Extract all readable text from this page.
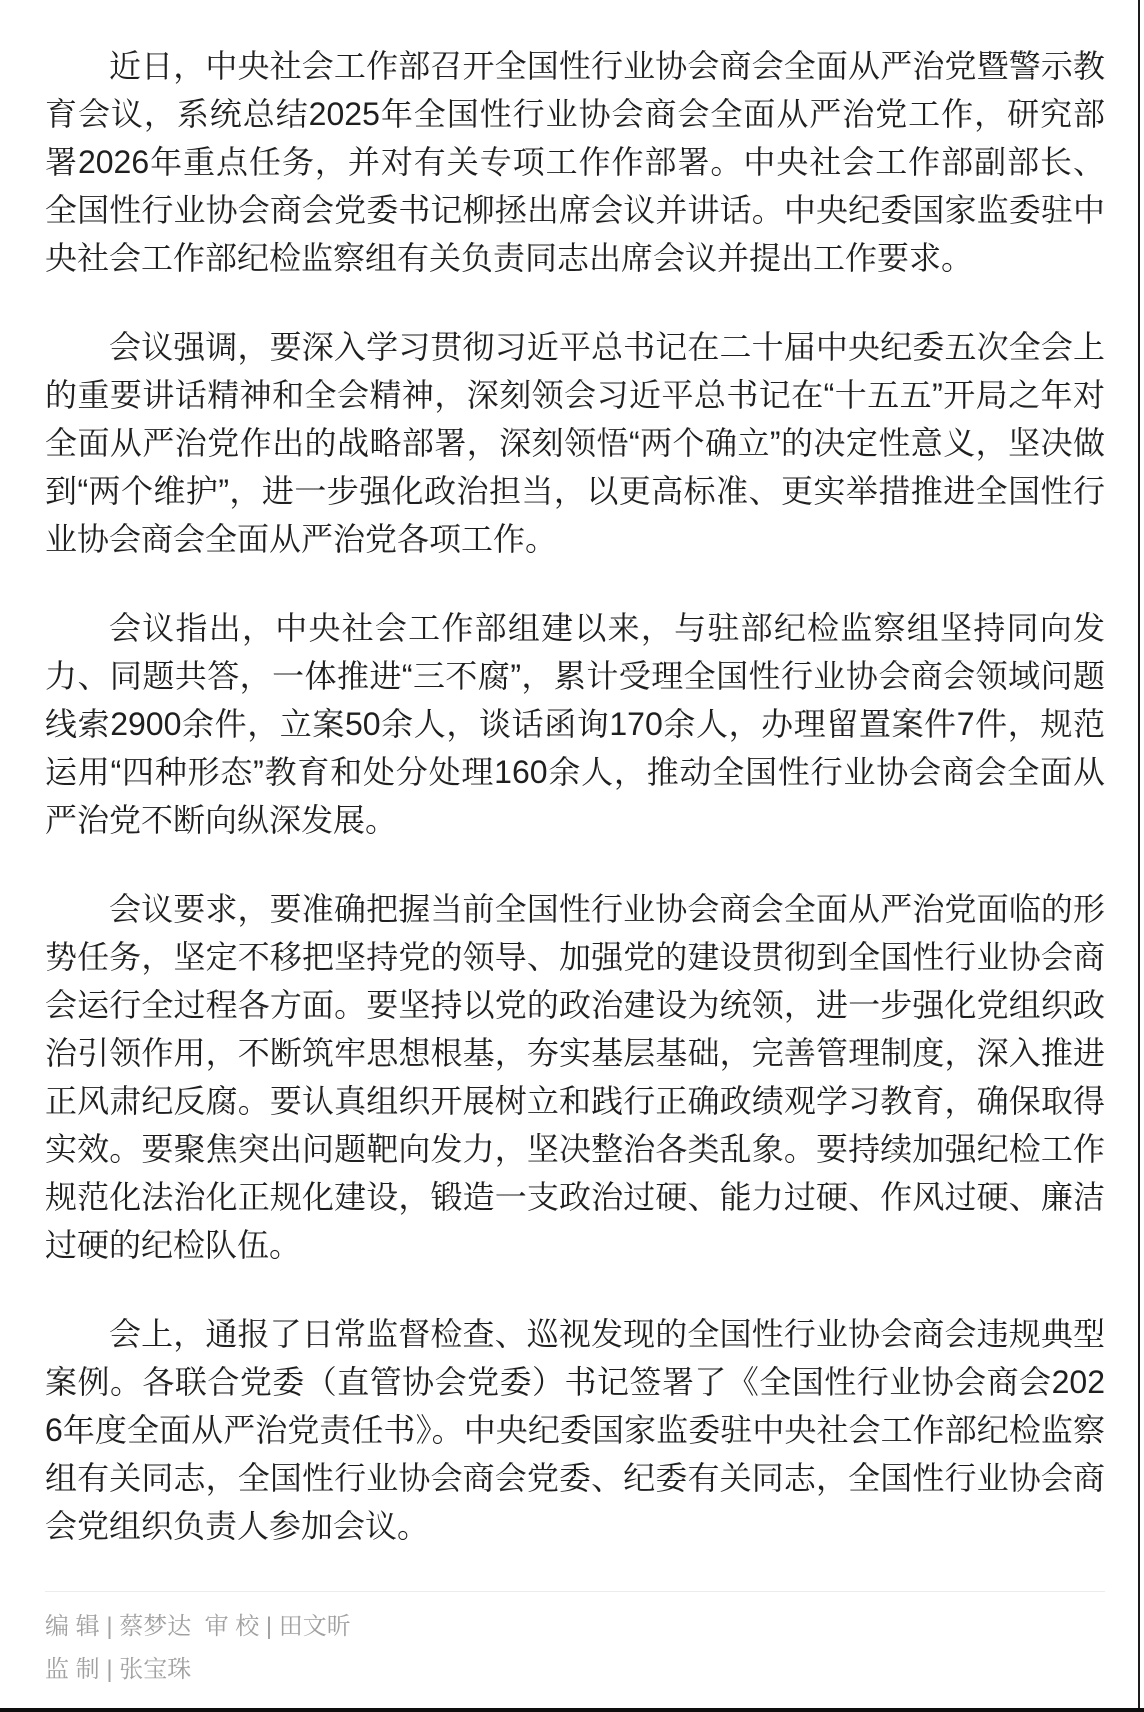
近日，中央社会工作部召开全国性行业协会商会全面从严治党暨警示教育会议，系统总结2025年全国性行业协会商会全面从严治党工作，研究部署2026年重点任务，并对有关专项工作作部署。中央社会工作部副部长、全国性行业协会商会党委书记柳拯出席会议并讲话。中央纪委国家监委驻中央社会工作部纪检监察组有关负责同志出席会议并提出工作要求。

会议强调，要深入学习贯彻习近平总书记在二十届中央纪委五次全会上的重要讲话精神和全会精神，深刻领会习近平总书记在“十五五”开局之年对全面从严治党作出的战略部署，深刻领悟“两个确立”的决定性意义，坚决做到“两个维护”，进一步强化政治担当，以更高标准、更实举措推进全国性行业协会商会全面从严治党各项工作。

会议指出，中央社会工作部组建以来，与驻部纪检监察组坚持同向发力、同题共答，一体推进“三不腐”，累计受理全国性行业协会商会领域问题线索2900余件，立案50余人，谈话函询170余人，办理留置案件7件，规范运用“四种形态”教育和处分处理160余人，推动全国性行业协会商会全面从严治党不断向纵深发展。

会议要求，要准确把握当前全国性行业协会商会全面从严治党面临的形势任务，坚定不移把坚持党的领导、加强党的建设贯彻到全国性行业协会商会运行全过程各方面。要坚持以党的政治建设为统领，进一步强化党组织政治引领作用，不断筑牢思想根基，夯实基层基础，完善管理制度，深入推进正风肃纪反腐。要认真组织开展树立和践行正确政绩观学习教育，确保取得实效。要聚焦突出问题靶向发力，坚决整治各类乱象。要持续加强纪检工作规范化法治化正规化建设，锻造一支政治过硬、能力过硬、作风过硬、廉洁过硬的纪检队伍。

会上，通报了日常监督检查、巡视发现的全国性行业协会商会违规典型案例。各联合党委（直管协会党委）书记签署了《全国性行业协会商会2026年度全面从严治党责任书》。中央纪委国家监委驻中央社会工作部纪检监察组有关同志，全国性行业协会商会党委、纪委有关同志，全国性行业协会商会党组织负责人参加会议。

编 辑 | 蔡梦达  审 校 | 田文昕
监 制 | 张宝珠
